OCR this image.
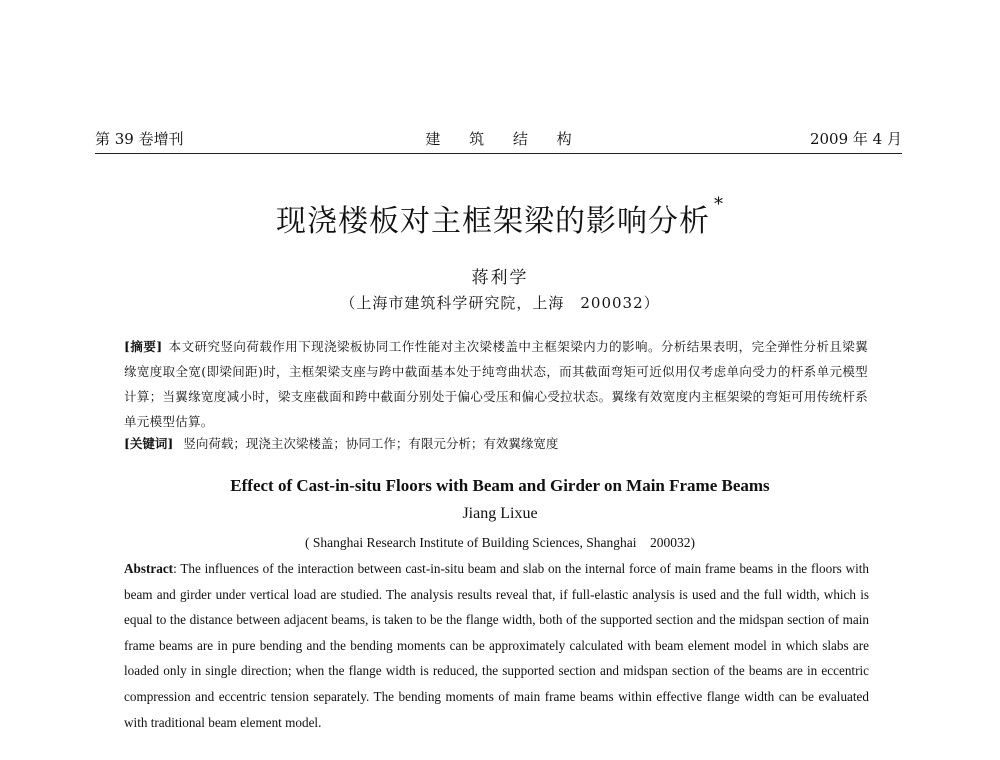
第 39 卷增刊	建 筑 结 构	2009 年 4 月
现浇楼板对主框架梁的影响分析 *
蒋利学
（上海市建筑科学研究院，上海　200032）
[摘要] 本文研究竖向荷载作用下现浇梁板协同工作性能对主次梁楼盖中主框架梁内力的影响。分析结果表明，完全弹性分析且梁翼缘宽度取全宽(即梁间距)时，主框架梁支座与跨中截面基本处于纯弯曲状态，而其截面弯矩可近似用仅考虑单向受力的杆系单元模型计算；当翼缘宽度减小时，梁支座截面和跨中截面分别处于偏心受压和偏心受拉状态。翼缘有效宽度内主框架梁的弯矩可用传统杆系单元模型估算。
[关键词] 竖向荷载；现浇主次梁楼盖；协同工作；有限元分析；有效翼缘宽度
Effect of Cast-in-situ Floors with Beam and Girder on Main Frame Beams
Jiang Lixue
( Shanghai Research Institute of Building Sciences, Shanghai　200032)
Abstract: The influences of the interaction between cast-in-situ beam and slab on the internal force of main frame beams in the floors with beam and girder under vertical load are studied. The analysis results reveal that, if full-elastic analysis is used and the full width, which is equal to the distance between adjacent beams, is taken to be the flange width, both of the supported section and the midspan section of main frame beams are in pure bending and the bending moments can be approximately calculated with beam element model in which slabs are loaded only in single direction; when the flange width is reduced, the supported section and midspan section of the beams are in eccentric compression and eccentric tension separately. The bending moments of main frame beams within effective flange width can be evaluated with traditional beam element model.
